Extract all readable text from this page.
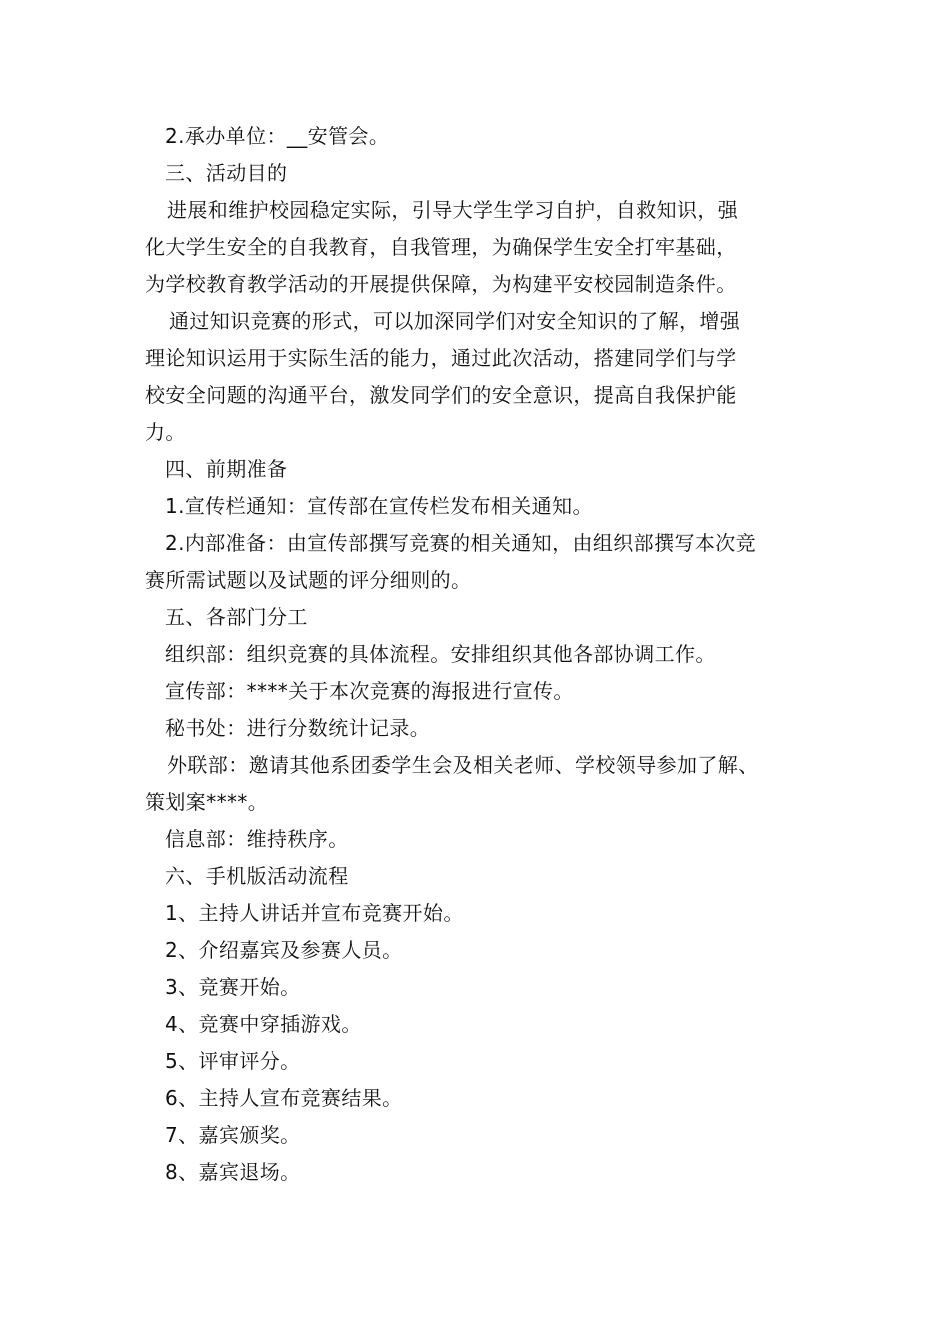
2.承办单位：__安管会。
三、活动目的
进展和维护校园稳定实际，引导大学生学习自护，自救知识，强
化大学生安全的自我教育，自我管理，为确保学生安全打牢基础，
为学校教育教学活动的开展提供保障，为构建平安校园制造条件。
通过知识竞赛的形式，可以加深同学们对安全知识的了解，增强
理论知识运用于实际生活的能力，通过此次活动，搭建同学们与学
校安全问题的沟通平台，激发同学们的安全意识，提高自我保护能
力。
四、前期准备
1.宣传栏通知：宣传部在宣传栏发布相关通知。
2.内部准备：由宣传部撰写竞赛的相关通知，由组织部撰写本次竞
赛所需试题以及试题的评分细则的。
五、各部门分工
组织部：组织竞赛的具体流程。安排组织其他各部协调工作。
宣传部：****关于本次竞赛的海报进行宣传。
秘书处：进行分数统计记录。
外联部：邀请其他系团委学生会及相关老师、学校领导参加了解、
策划案****。
信息部：维持秩序。
六、手机版活动流程
1、主持人讲话并宣布竞赛开始。
2、介绍嘉宾及参赛人员。
3、竞赛开始。
4、竞赛中穿插游戏。
5、评审评分。
6、主持人宣布竞赛结果。
7、嘉宾颁奖。
8、嘉宾退场。
